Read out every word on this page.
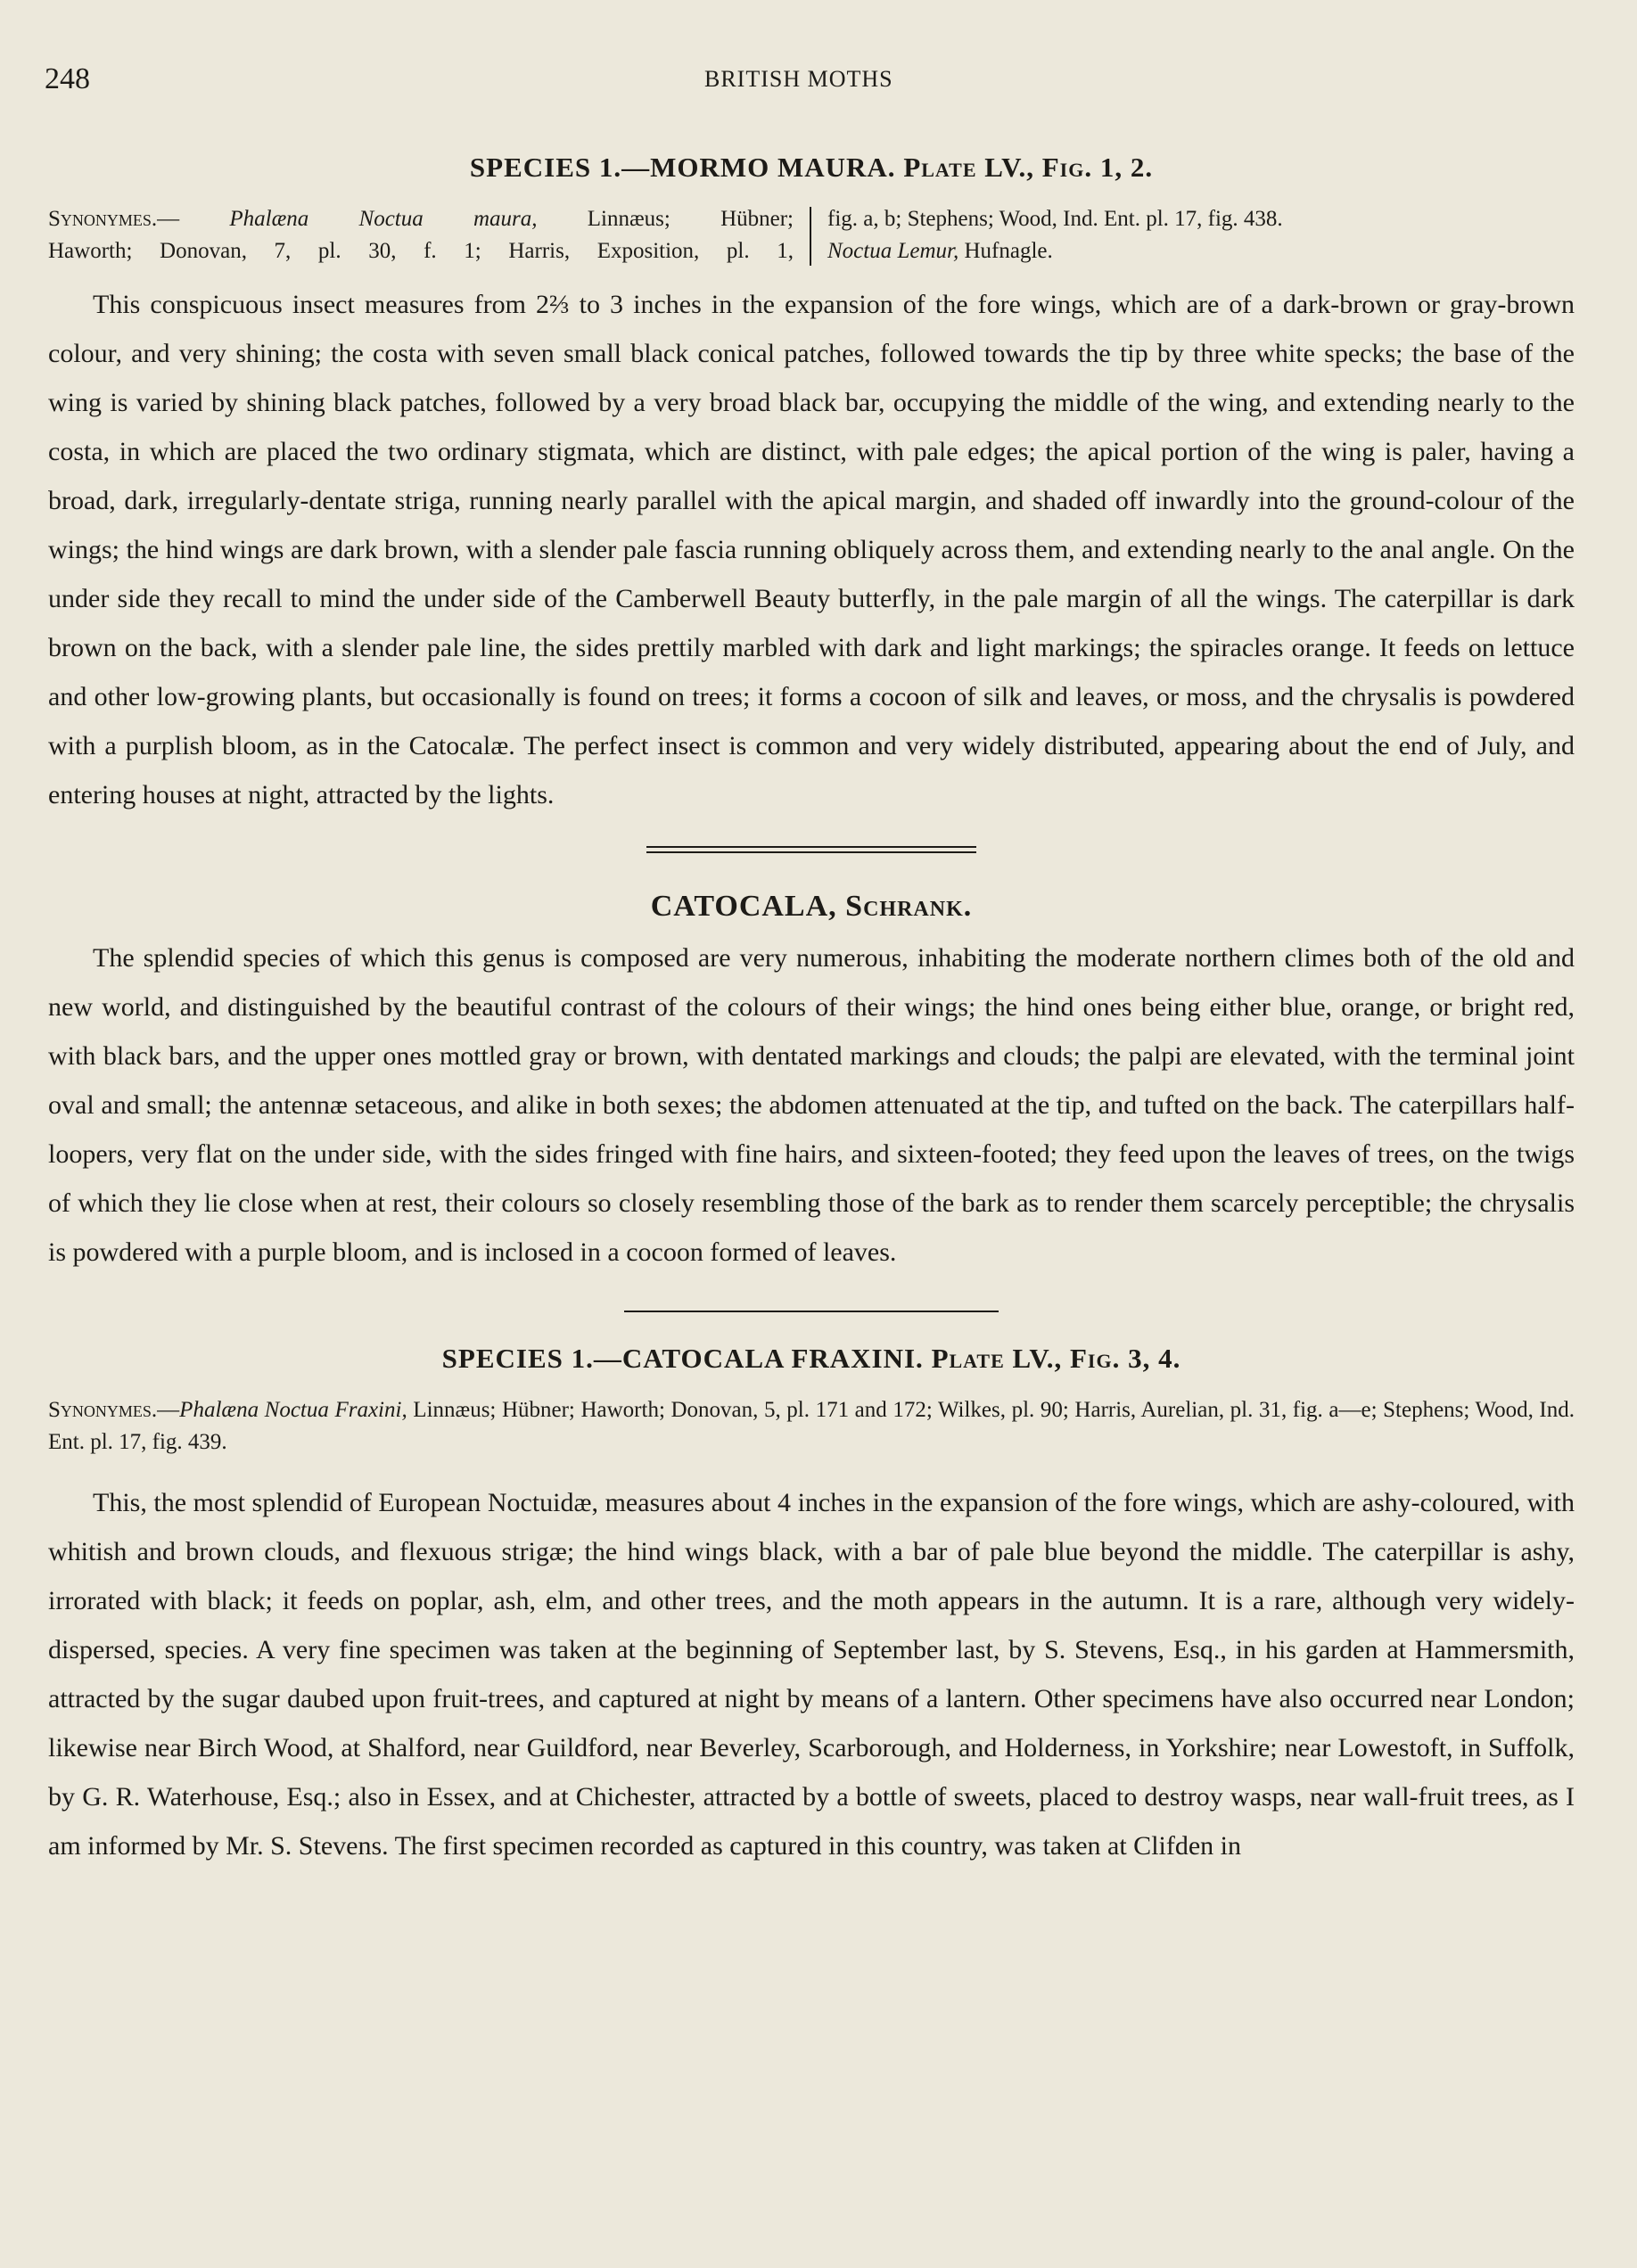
248	BRITISH MOTHS
SPECIES 1.—MORMO MAURA. Plate LV., Fig. 1, 2.
Synonymes.— Phalæna Noctua maura, Linnæus; Hübner;
Haworth; Donovan, 7, pl. 30, f. 1; Harris, Exposition, pl. 1,
fig. a, b; Stephens; Wood, Ind. Ent. pl. 17, fig. 438.
Noctua Lemur, Hufnagle.

This conspicuous insect measures from 2⅔ to 3 inches in the expansion of the fore wings, which are of a dark-brown or gray-brown colour, and very shining; the costa with seven small black conical patches, followed towards the tip by three white specks; the base of the wing is varied by shining black patches, followed by a very broad black bar, occupying the middle of the wing, and extending nearly to the costa, in which are placed the two ordinary stigmata, which are distinct, with pale edges; the apical portion of the wing is paler, having a broad, dark, irregularly-dentate striga, running nearly parallel with the apical margin, and shaded off inwardly into the ground-colour of the wings; the hind wings are dark brown, with a slender pale fascia running obliquely across them, and extending nearly to the anal angle. On the under side they recall to mind the under side of the Camberwell Beauty butterfly, in the pale margin of all the wings. The caterpillar is dark brown on the back, with a slender pale line, the sides prettily marbled with dark and light markings; the spiracles orange. It feeds on lettuce and other low-growing plants, but occasionally is found on trees; it forms a cocoon of silk and leaves, or moss, and the chrysalis is powdered with a purplish bloom, as in the Catocalæ. The perfect insect is common and very widely distributed, appearing about the end of July, and entering houses at night, attracted by the lights.

CATOCALA, Schrank.

The splendid species of which this genus is composed are very numerous, inhabiting the moderate northern climes both of the old and new world, and distinguished by the beautiful contrast of the colours of their wings; the hind ones being either blue, orange, or bright red, with black bars, and the upper ones mottled gray or brown, with dentated markings and clouds; the palpi are elevated, with the terminal joint oval and small; the antennæ setaceous, and alike in both sexes; the abdomen attenuated at the tip, and tufted on the back. The caterpillars half-loopers, very flat on the under side, with the sides fringed with fine hairs, and sixteen-footed; they feed upon the leaves of trees, on the twigs of which they lie close when at rest, their colours so closely resembling those of the bark as to render them scarcely perceptible; the chrysalis is powdered with a purple bloom, and is inclosed in a cocoon formed of leaves.

SPECIES 1.—CATOCALA FRAXINI. Plate LV., Fig. 3, 4.

Synonymes.—Phalæna Noctua Fraxini, Linnæus; Hübner; Haworth; Donovan, 5, pl. 171 and 172; Wilkes, pl. 90; Harris, Aurelian, pl. 31, fig. a—e; Stephens; Wood, Ind. Ent. pl. 17, fig. 439.

This, the most splendid of European Noctuidæ, measures about 4 inches in the expansion of the fore wings, which are ashy-coloured, with whitish and brown clouds, and flexuous strigæ; the hind wings black, with a bar of pale blue beyond the middle. The caterpillar is ashy, irrorated with black; it feeds on poplar, ash, elm, and other trees, and the moth appears in the autumn. It is a rare, although very widely-dispersed, species. A very fine specimen was taken at the beginning of September last, by S. Stevens, Esq., in his garden at Hammersmith, attracted by the sugar daubed upon fruit-trees, and captured at night by means of a lantern. Other specimens have also occurred near London; likewise near Birch Wood, at Shalford, near Guildford, near Beverley, Scarborough, and Holderness, in Yorkshire; near Lowestoft, in Suffolk, by G. R. Waterhouse, Esq.; also in Essex, and at Chichester, attracted by a bottle of sweets, placed to destroy wasps, near wall-fruit trees, as I am informed by Mr. S. Stevens. The first specimen recorded as captured in this country, was taken at Clifden in
